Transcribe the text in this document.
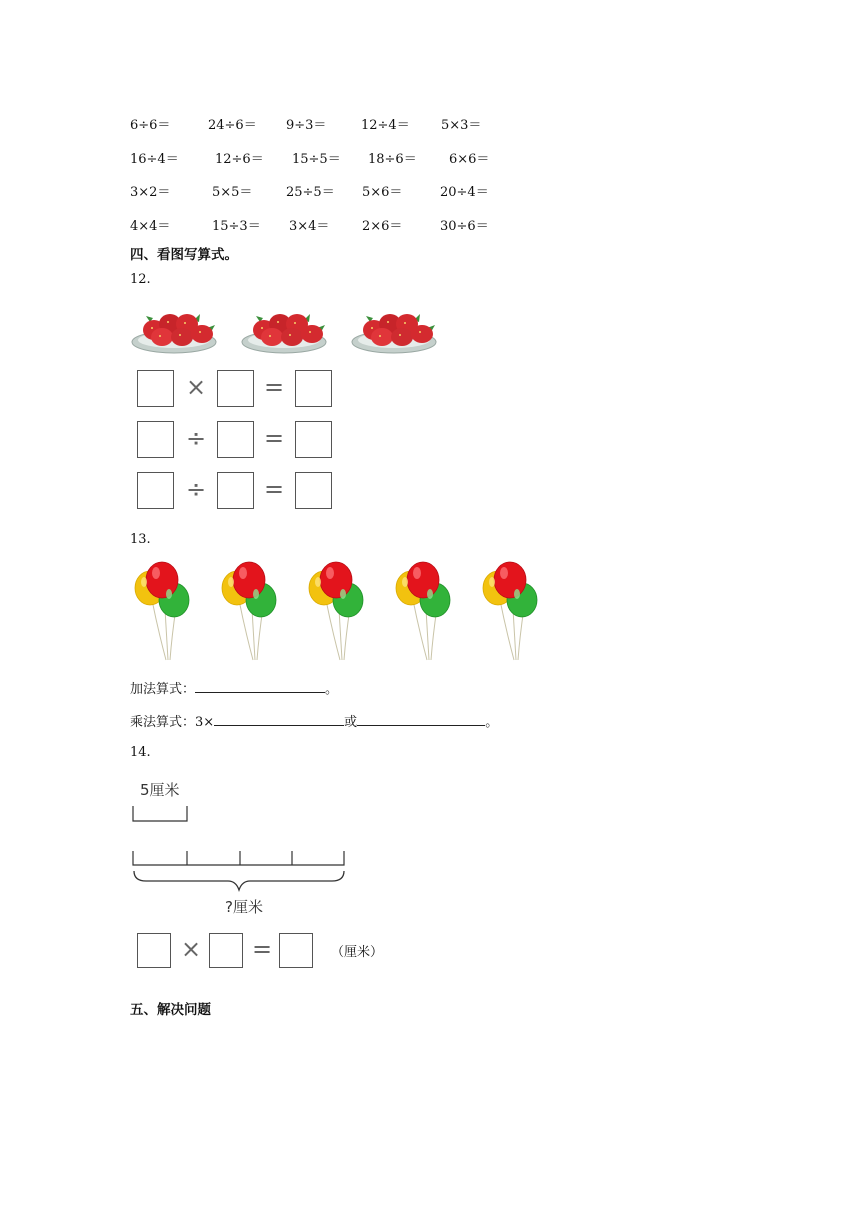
6÷6＝	24÷6＝ 9÷3＝	12÷4＝ 5×3＝
16÷4＝	12÷6＝ 15÷5＝ 18÷6＝ 6×6＝
3×2＝	5×5＝	25÷5＝ 5×6＝	20÷4＝
4×4＝	15÷3＝ 3×4＝	2×6＝	30÷6＝
四、看图写算式。
12.
× =
÷ =
÷ =
13.
加法算式：	。
乘法算式：3×	或	。
14.
5厘米
?厘米
× =	（厘米）
五、解决问题
